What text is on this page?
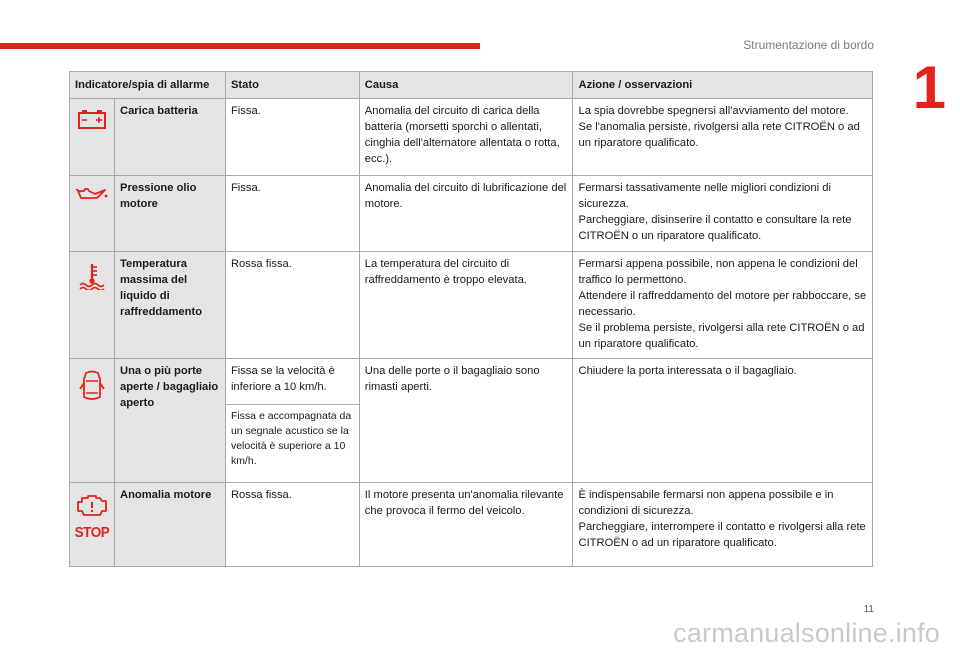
Strumentazione di bordo
1
Indicatore/spia di allarme		Stato	Causa	Azione / osservazioni

	Carica batteria	Fissa.	Anomalia del circuito di carica della batteria (morsetti sporchi o allentati, cinghia dell'alternatore allentata o rotta, ecc.).	La spia dovrebbe spegnersi all'avviamento del motore.
Se l'anomalia persiste, rivolgersi alla rete CITROËN o ad un riparatore qualificato.

	Pressione olio motore	Fissa.	Anomalia del circuito di lubrificazione del motore.	Fermarsi tassativamente nelle migliori condizioni di sicurezza.
Parcheggiare, disinserire il contatto e consultare la rete CITROËN o un riparatore qualificato.

	Temperatura massima del liquido di raffreddamento	Rossa fissa.	La temperatura del circuito di raffreddamento è troppo elevata.	Fermarsi appena possibile, non appena le condizioni del traffico lo permettono.
Attendere il raffreddamento del motore per rabboccare, se necessario.
Se il problema persiste, rivolgersi alla rete CITROËN o ad un riparatore qualificato.

	Una o più porte aperte / bagagliaio aperto	Fissa se la velocità è inferiore a 10 km/h.	Una delle porte o il bagagliaio sono rimasti aperti.	Chiudere la porta interessata o il bagagliaio.

		Fissa e accompagnata da un segnale acustico se la velocità è superiore a 10 km/h.		

STOP	Anomalia motore	Rossa fissa.	Il motore presenta un'anomalia rilevante che provoca il fermo del veicolo.	È indispensabile fermarsi non appena possibile e in condizioni di sicurezza.
Parcheggiare, interrompere il contatto e rivolgersi alla rete CITROËN o ad un riparatore qualificato.
11
carmanualsonline.info
